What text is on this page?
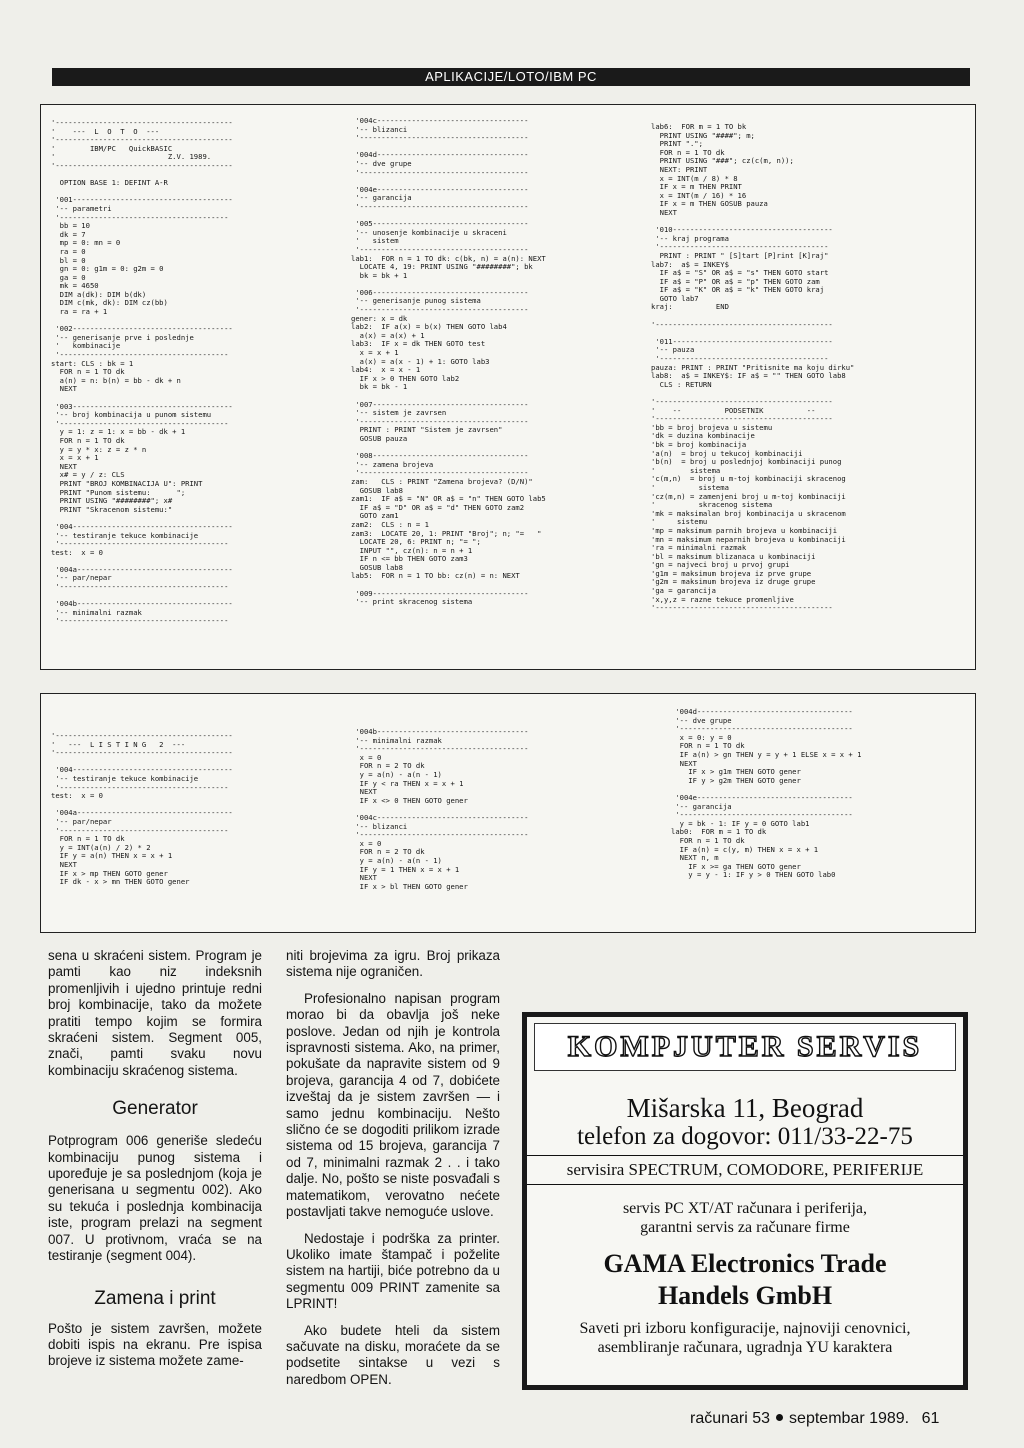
APLIKACIJE/LOTO/IBM PC
'-----------------------------------------
'    ---  L  O  T  O  ---
'-----------------------------------------
'        IBM/PC   QuickBASIC
'                          Z.V. 1989.
'-----------------------------------------

OPTION BASE 1: DEFINT A-R

'001-------------------------------------
'-- parametri
'---------------------------------------
bb = 10
dk = 7
mp = 0: mn = 0
ra = 0
bl = 0
gn = 0: g1m = 0: g2m = 0
ga = 0
mk = 4650
DIM a(dk): DIM b(dk)
DIM c(mk, dk): DIM cz(bb)
ra = ra + 1

'002-------------------------------------
'-- generisanje prve i poslednje
'   kombinacije
'---------------------------------------
start: CLS : bk = 1
FOR n = 1 TO dk
a(n) = n: b(n) = bb - dk + n
NEXT

'003-------------------------------------
'-- broj kombinacija u punom sistemu
'---------------------------------------
y = 1: z = 1: x = bb - dk + 1
FOR n = 1 TO dk
y = y * x: z = z * n
x = x + 1
NEXT
x# = y / z: CLS
PRINT "BROJ KOMBINACIJA U": PRINT
PRINT "Punom sistemu:      ";
PRINT USING "########"; x#
PRINT "Skracenom sistemu:"

'004-------------------------------------
'-- testiranje tekuce kombinacije
'---------------------------------------
test:  x = 0

'004a------------------------------------
'-- par/nepar
'---------------------------------------

'004b------------------------------------
'-- minimalni razmak
'---------------------------------------
'004c-----------------------------------
'-- blizanci
'---------------------------------------

'004d-----------------------------------
'-- dve grupe
'---------------------------------------

'004e-----------------------------------
'-- garancija
'---------------------------------------

'005------------------------------------
'-- unosenje kombinacije u skraceni
'   sistem
'---------------------------------------
lab1:  FOR n = 1 TO dk: c(bk, n) = a(n): NEXT
LOCATE 4, 19: PRINT USING "########"; bk
bk = bk + 1

'006------------------------------------
'-- generisanje punog sistema
'---------------------------------------
gener: x = dk
lab2:  IF a(x) = b(x) THEN GOTO lab4
a(x) = a(x) + 1
lab3:  IF x = dk THEN GOTO test
x = x + 1
a(x) = a(x - 1) + 1: GOTO lab3
lab4:  x = x - 1
IF x > 0 THEN GOTO lab2
bk = bk - 1

'007------------------------------------
'-- sistem je zavrsen
'---------------------------------------
PRINT : PRINT "Sistem je zavrsen"
GOSUB pauza

'008------------------------------------
'-- zamena brojeva
'---------------------------------------
zam:   CLS : PRINT "Zamena brojeva? (D/N)"
GOSUB lab8
zam1:  IF a$ = "N" OR a$ = "n" THEN GOTO lab5
IF a$ = "D" OR a$ = "d" THEN GOTO zam2
GOTO zam1
zam2:  CLS : n = 1
zam3:  LOCATE 20, 1: PRINT "Broj"; n; "=   "
LOCATE 20, 6: PRINT n; "= ";
INPUT "", cz(n): n = n + 1
IF n <= bb THEN GOTO zam3
GOSUB lab8
lab5:  FOR n = 1 TO bb: cz(n) = n: NEXT

'009------------------------------------
'-- print skracenog sistema
lab6:  FOR m = 1 TO bk
PRINT USING "####"; m;
PRINT ".";
FOR n = 1 TO dk
PRINT USING "###"; cz(c(m, n));
NEXT: PRINT
x = INT(m / 8) * 8
IF x = m THEN PRINT
x = INT(m / 16) * 16
IF x = m THEN GOSUB pauza
NEXT

'010-------------------------------------
'-- kraj programa
'---------------------------------------
PRINT : PRINT " [S]tart [P]rint [K]raj"
lab7:  a$ = INKEY$
IF a$ = "S" OR a$ = "s" THEN GOTO start
IF a$ = "P" OR a$ = "p" THEN GOTO zam
IF a$ = "K" OR a$ = "k" THEN GOTO kraj
GOTO lab7
kraj:          END

'-----------------------------------------

'011-------------------------------------
'-- pauza
'---------------------------------------
pauza: PRINT : PRINT "Pritisnite ma koju dirku"
lab8:  a$ = INKEY$: IF a$ = "" THEN GOTO lab8
CLS : RETURN

'-----------------------------------------
'    --          PODSETNIK          --
'-----------------------------------------
'bb = broj brojeva u sistemu
'dk = duzina kombinacije
'bk = broj kombinacija
'a(n)  = broj u tekucoj kombinaciji
'b(n)  = broj u poslednjoj kombinaciji punog
'        sistema
'c(m,n)  = broj u m-toj kombinaciji skracenog
'          sistema
'cz(m,n) = zamenjeni broj u m-toj kombinaciji
'          skracenog sistema
'mk = maksimalan broj kombinacija u skracenom
'     sistemu
'mp = maksimum parnih brojeva u kombinaciji
'mn = maksimum neparnih brojeva u kombinaciji
'ra = minimalni razmak
'bl = maksimum blizanaca u kombinaciji
'gn = najveci broj u prvoj grupi
'g1m = maksimum brojeva iz prve grupe
'g2m = maksimum brojeva iz druge grupe
'ga = garancija
'x,y,z = razne tekuce promenljive
'-----------------------------------------
'-----------------------------------------
'   ---  L I S T I N G   2  ---
'-----------------------------------------

'004-------------------------------------
'-- testiranje tekuce kombinacije
'---------------------------------------
test:  x = 0

'004a------------------------------------
'-- par/nepar
'---------------------------------------
FOR n = 1 TO dk
y = INT(a(n) / 2) * 2
IF y = a(n) THEN x = x + 1
NEXT
IF x > mp THEN GOTO gener
IF dk - x > mn THEN GOTO gener
'004b-----------------------------------
'-- minimalni razmak
'---------------------------------------
x = 0
FOR n = 2 TO dk
y = a(n) - a(n - 1)
IF y < ra THEN x = x + 1
NEXT
IF x <> 0 THEN GOTO gener

'004c-----------------------------------
'-- blizanci
'---------------------------------------
x = 0
FOR n = 2 TO dk
y = a(n) - a(n - 1)
IF y = 1 THEN x = x + 1
NEXT
IF x > bl THEN GOTO gener
'004d------------------------------------
'-- dve grupe
'----------------------------------------
x = 0: y = 0
FOR n = 1 TO dk
IF a(n) > gn THEN y = y + 1 ELSE x = x + 1
NEXT
IF x > g1m THEN GOTO gener
IF y > g2m THEN GOTO gener

'004e------------------------------------
'-- garancija
'----------------------------------------
y = bk - 1: IF y = 0 GOTO lab1
lab0:  FOR m = 1 TO dk
FOR n = 1 TO dk
IF a(n) = c(y, m) THEN x = x + 1
NEXT n, m
IF x >= ga THEN GOTO gener
y = y - 1: IF y > 0 THEN GOTO lab0

sena u skraćeni sistem. Program je pamti kao niz indeksnih promenljivih i ujedno printuje redni broj kombinacije, tako da možete pratiti tempo kojim se formira skraćeni sistem. Segment 005, znači, pamti svaku novu kombinaciju skraćenog sistema.

Generator

Potprogram 006 generiše sledeću kombinaciju punog sistema i upoređuje je sa poslednjom (koja je generisana u segmentu 002). Ako su tekuća i poslednja kombinacija iste, program prelazi na segment 007. U protivnom, vraća se na testiranje (segment 004).

Zamena i print

Pošto je sistem završen, možete dobiti ispis na ekranu. Pre ispisa brojeve iz sistema možete zame-

niti brojevima za igru. Broj prikaza sistema nije ograničen.

Profesionalno napisan program morao bi da obavlja još neke poslove. Jedan od njih je kontrola ispravnosti sistema. Ako, na primer, pokušate da napravite sistem od 9 brojeva, garancija 4 od 7, dobićete izveštaj da je sistem završen — i samo jednu kombinaciju. Nešto slično će se dogoditi prilikom izrade sistema od 15 brojeva, garancija 7 od 7, minimalni razmak 2 . . i tako dalje. No, pošto se niste posvađali s matematikom, verovatno nećete postavljati takve nemoguće uslove.

Nedostaje i podrška za printer. Ukoliko imate štampač i poželite sistem na hartiji, biće potrebno da u segmentu 009 PRINT zamenite sa LPRINT!

Ako budete hteli da sistem sačuvate na disku, moraćete da se podsetite sintakse u vezi s naredbom OPEN.

KOMPJUTER SERVIS
Mišarska 11, Beograd
telefon za dogovor: 011/33-22-75
servisira SPECTRUM, COMODORE, PERIFERIJE
servis PC XT/AT računara i periferija,
garantni servis za računare firme
GAMA Electronics Trade
Handels GmbH
Saveti pri izboru konfiguracije, najnoviji cenovnici,
asembliranje računara, ugradnja YU karaktera
računari 53 septembar 1989. 61
